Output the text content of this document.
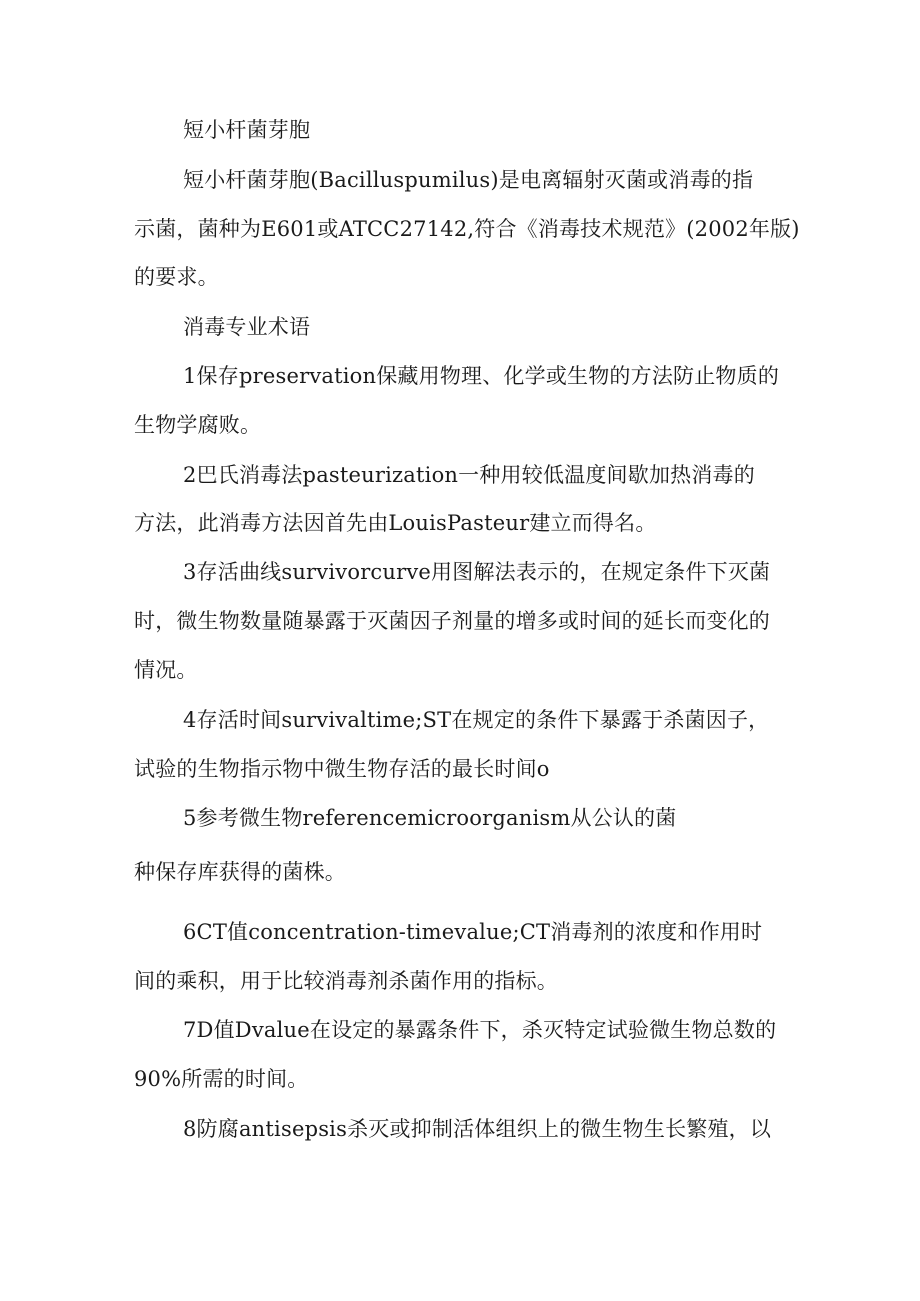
短小杆菌芽胞

短小杆菌芽胞(Bacilluspumilus)是电离辐射灭菌或消毒的指

示菌，菌种为E601或ATCC27142,符合《消毒技术规范》(2002年版)

的要求。

消毒专业术语

1保存preservation保藏用物理、化学或生物的方法防止物质的

生物学腐败。

2巴氏消毒法pasteurization一种用较低温度间歇加热消毒的

方法，此消毒方法因首先由LouisPasteur建立而得名。

3存活曲线survivorcurve用图解法表示的，在规定条件下灭菌

时，微生物数量随暴露于灭菌因子剂量的增多或时间的延长而变化的

情况。

4存活时间survivaltime;ST在规定的条件下暴露于杀菌因子，

试验的生物指示物中微生物存活的最长时间o

5参考微生物referencemicroorganism从公认的菌

种保存库获得的菌株。

6CT值concentration-timevalue;CT消毒剂的浓度和作用时

间的乘积，用于比较消毒剂杀菌作用的指标。

7D值Dvalue在设定的暴露条件下，杀灭特定试验微生物总数的

90%所需的时间。

8防腐antisepsis杀灭或抑制活体组织上的微生物生长繁殖，以
